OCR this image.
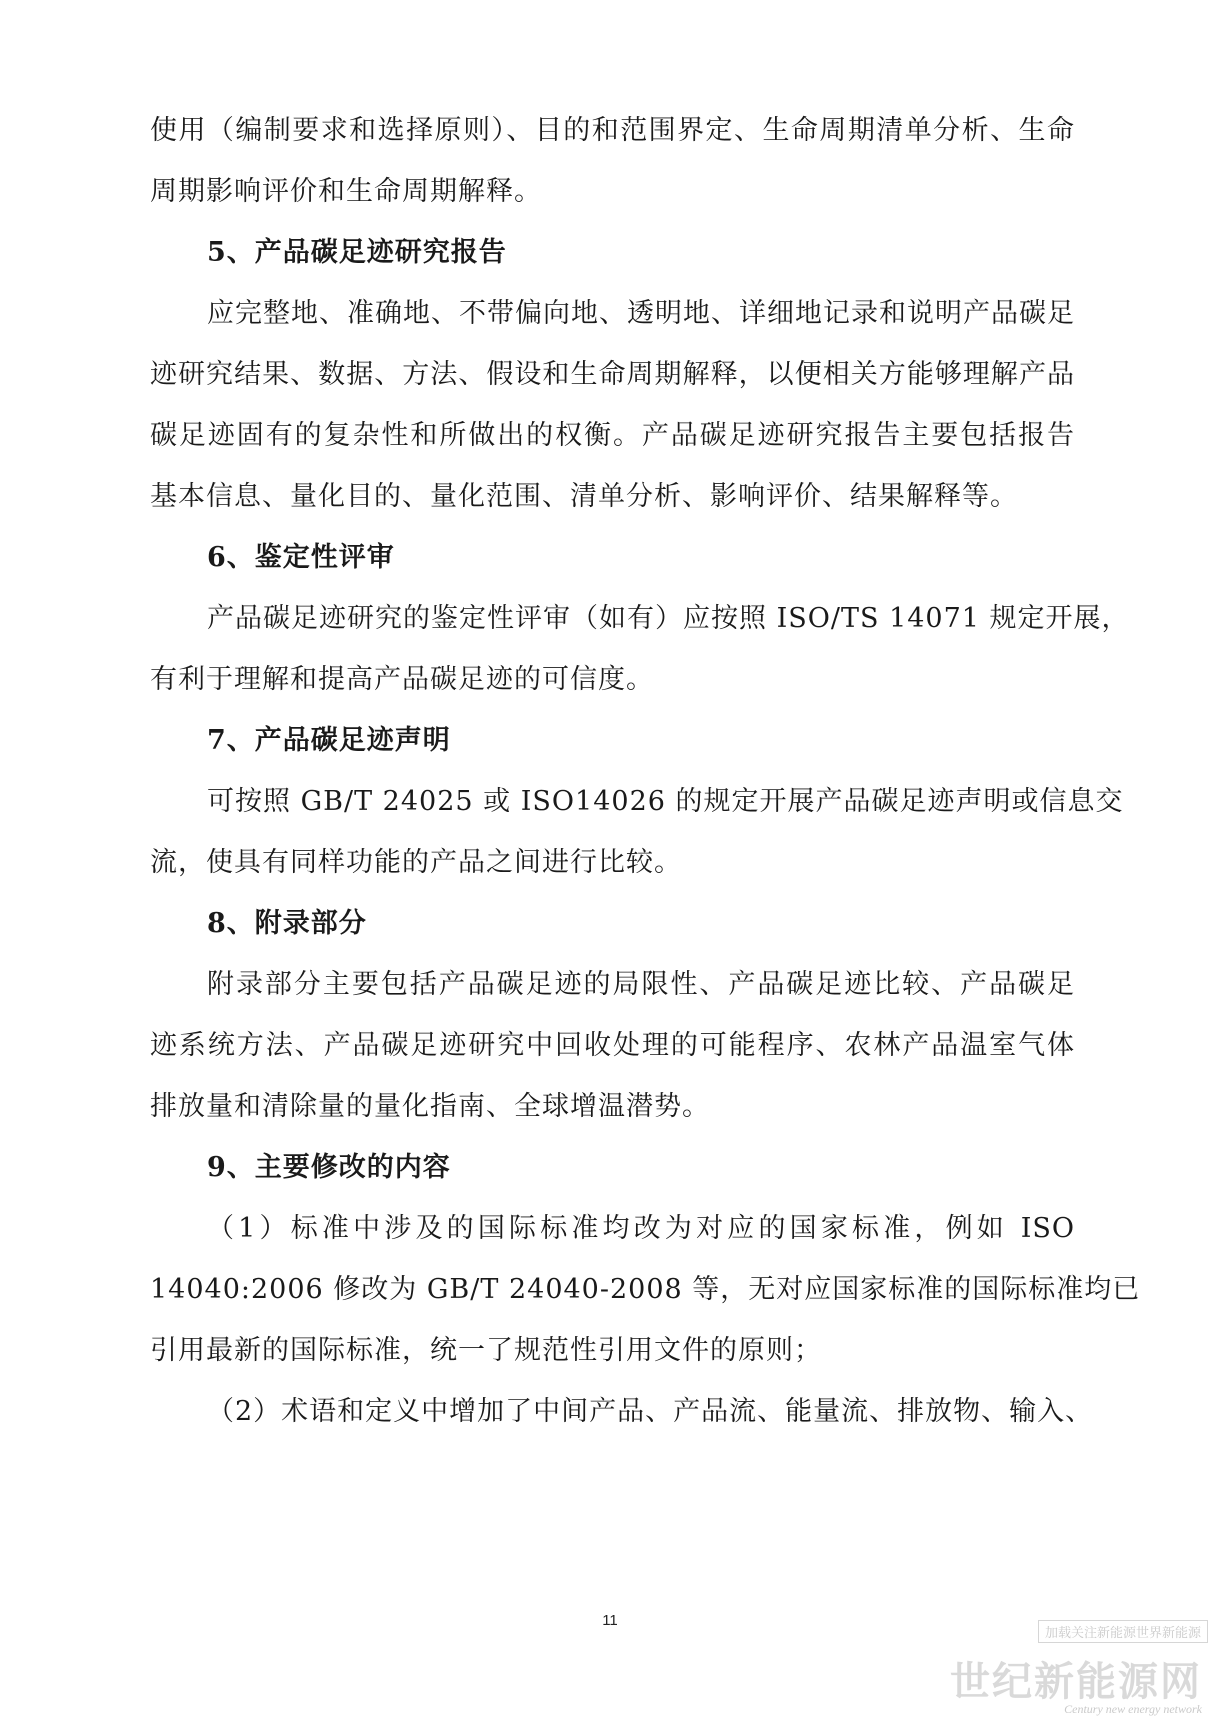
使用（编制要求和选择原则）、目的和范围界定、生命周期清单分析、生命
周期影响评价和生命周期解释。
5、产品碳足迹研究报告
应完整地、准确地、不带偏向地、透明地、详细地记录和说明产品碳足
迹研究结果、数据、方法、假设和生命周期解释，以便相关方能够理解产品
碳足迹固有的复杂性和所做出的权衡。产品碳足迹研究报告主要包括报告
基本信息、量化目的、量化范围、清单分析、影响评价、结果解释等。
6、鉴定性评审
产品碳足迹研究的鉴定性评审（如有）应按照 ISO/TS 14071 规定开展，
有利于理解和提高产品碳足迹的可信度。
7、产品碳足迹声明
可按照 GB/T 24025 或 ISO14026 的规定开展产品碳足迹声明或信息交
流，使具有同样功能的产品之间进行比较。
8、附录部分
附录部分主要包括产品碳足迹的局限性、产品碳足迹比较、产品碳足
迹系统方法、产品碳足迹研究中回收处理的可能程序、农林产品温室气体
排放量和清除量的量化指南、全球增温潜势。
9、主要修改的内容
（1）标准中涉及的国际标准均改为对应的国家标准，例如 ISO
14040:2006 修改为 GB/T 24040-2008 等，无对应国家标准的国际标准均已
引用最新的国际标准，统一了规范性引用文件的原则；
（2）术语和定义中增加了中间产品、产品流、能量流、排放物、输入、
11
加载关注新能源世界新能源
世纪新能源网
Century new energy network
